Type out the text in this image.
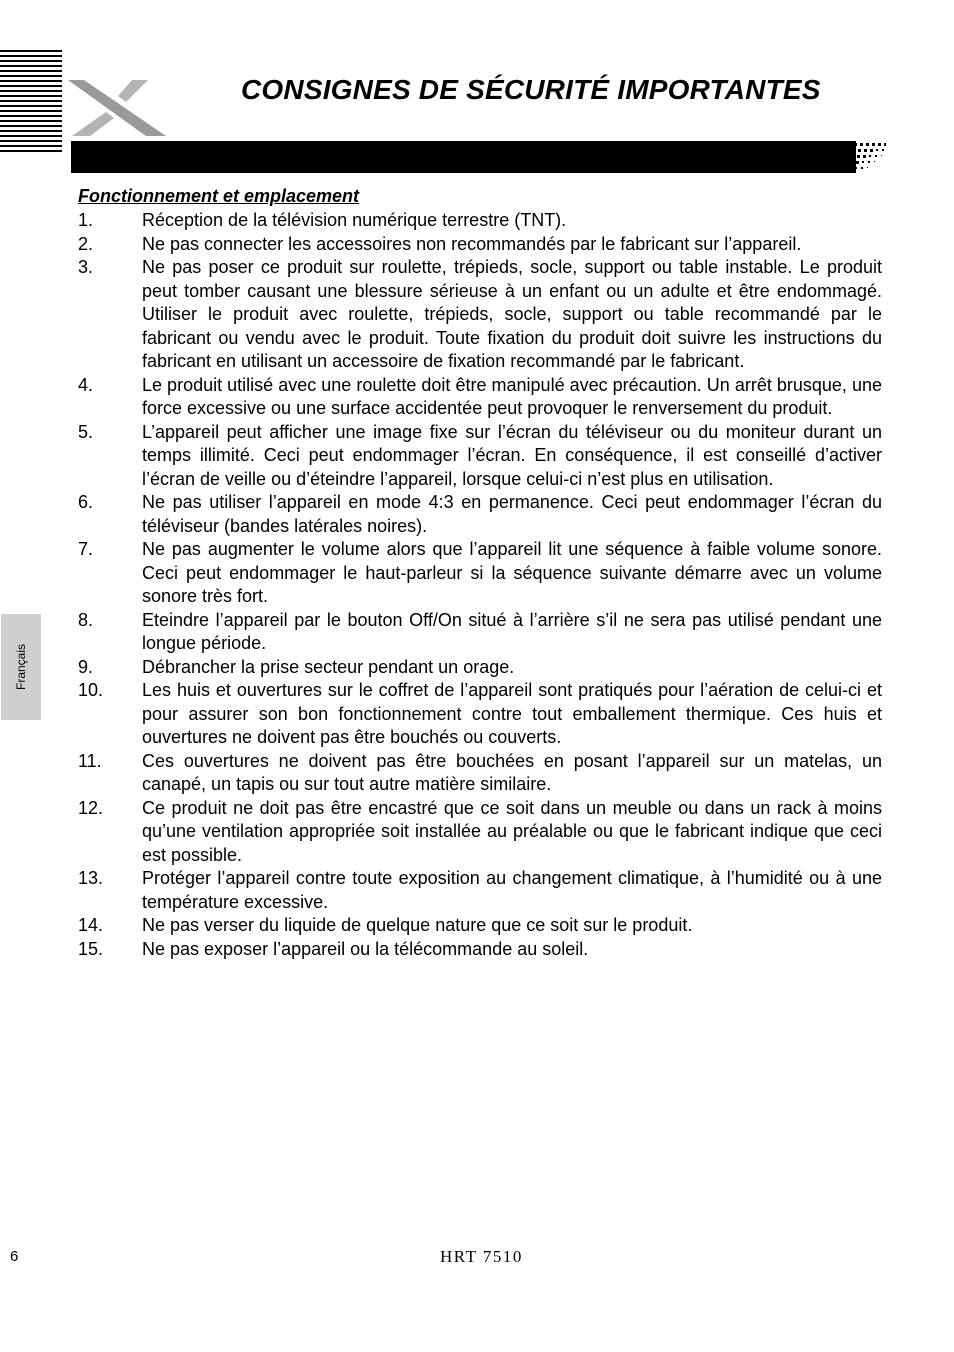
CONSIGNES DE SÉCURITÉ IMPORTANTES
Français
Fonctionnement et emplacement
1.	Réception de la télévision numérique terrestre (TNT).
2.	Ne pas connecter les accessoires non recommandés par le fabricant sur l’appareil.
3.	Ne pas poser ce produit sur roulette, trépieds, socle, support ou table instable. Le produit peut tomber causant une blessure sérieuse à un enfant ou un adulte et être endommagé. Utiliser le produit avec roulette, trépieds, socle, support ou table recommandé par le fabricant ou vendu avec le produit. Toute fixation du produit doit suivre les instructions du fabricant en utilisant un accessoire de fixation recommandé par le fabricant.
4.	Le produit utilisé avec une roulette doit être manipulé avec précaution. Un arrêt brusque, une force excessive ou une surface accidentée peut provoquer le renversement du produit.
5.	L’appareil peut afficher une image fixe sur l’écran du téléviseur ou du moniteur durant un temps illimité. Ceci peut endommager l’écran. En conséquence, il est conseillé d’activer l’écran de veille ou d’éteindre l’appareil, lorsque celui-ci n’est plus en utilisation.
6.	Ne pas utiliser l’appareil en mode 4:3 en permanence. Ceci peut endommager l’écran du téléviseur (bandes latérales noires).
7.	Ne pas augmenter le volume alors que l’appareil lit une séquence à faible volume sonore. Ceci peut endommager le haut-parleur si la séquence suivante démarre avec un volume sonore très fort.
8.	Eteindre l’appareil par le bouton Off/On situé à l’arrière s’il ne sera pas utilisé pendant une longue période.
9.	Débrancher la prise secteur pendant un orage.
10.	Les huis et ouvertures sur le coffret de l’appareil sont pratiqués pour l’aération de celui-ci et pour assurer son bon fonctionnement contre tout emballement thermique. Ces huis et ouvertures ne doivent pas être bouchés ou couverts.
11.	Ces ouvertures ne doivent pas être bouchées en posant l’appareil sur un matelas, un canapé, un tapis ou sur tout autre matière similaire.
12.	Ce produit ne doit pas être encastré que ce soit dans un meuble ou dans un rack à moins qu’une ventilation appropriée soit installée au préalable ou que le fabricant indique que ceci est possible.
13.	Protéger l’appareil contre toute exposition au changement climatique, à l’humidité ou à une température excessive.
14.	Ne pas verser du liquide de quelque nature que ce soit sur le produit.
15.	Ne pas exposer l’appareil ou la télécommande au soleil.
6	HRT 7510
